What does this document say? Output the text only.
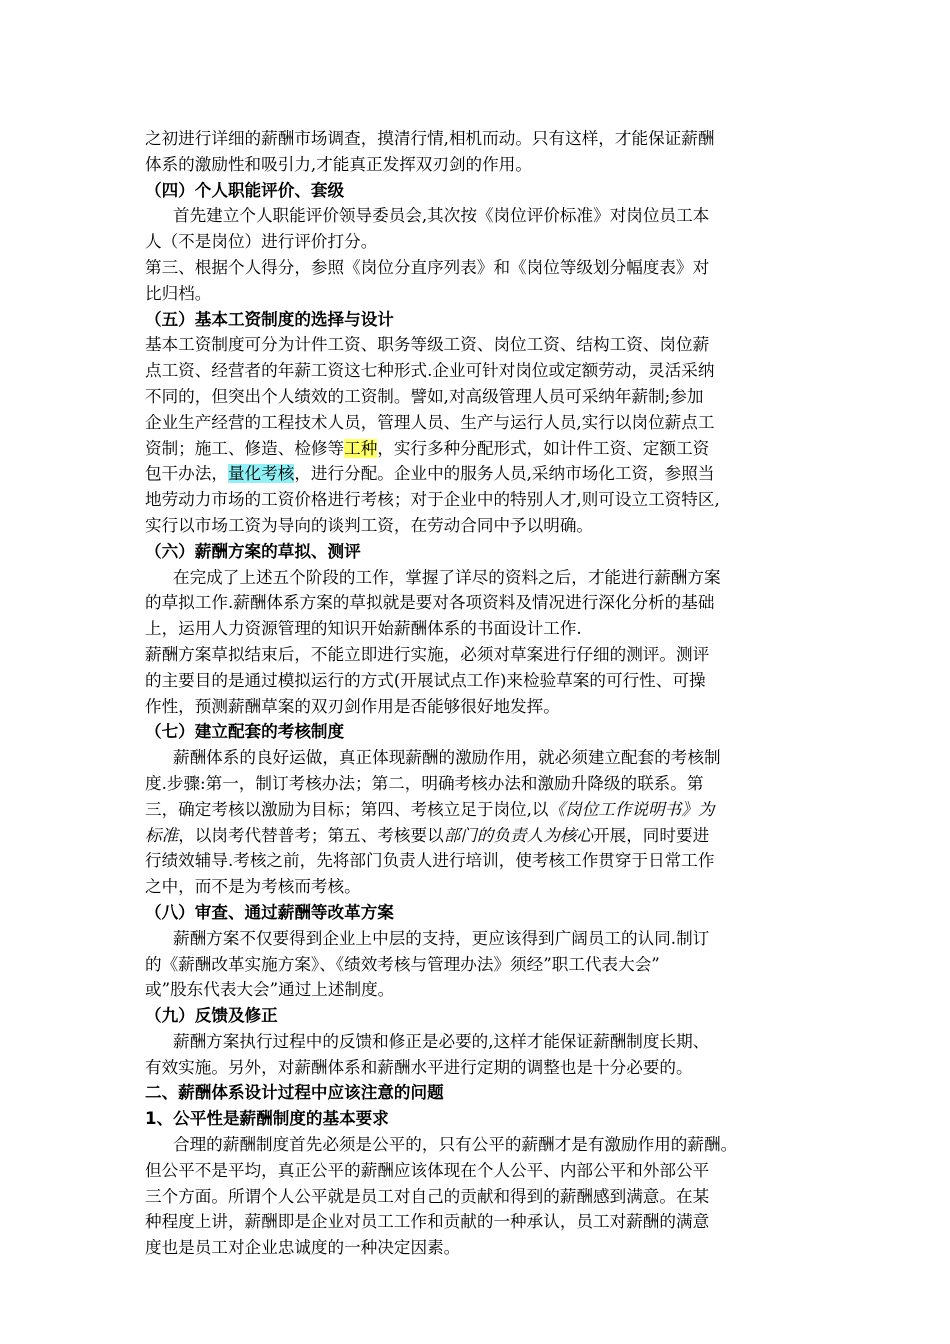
之初进行详细的薪酬市场调查，摸清行情,相机而动。只有这样，才能保证薪酬
体系的激励性和吸引力,才能真正发挥双刃剑的作用。
（四）个人职能评价、套级
首先建立个人职能评价领导委员会,其次按《岗位评价标准》对岗位员工本
人（不是岗位）进行评价打分。
第三、根据个人得分，参照《岗位分直序列表》和《岗位等级划分幅度表》对
比归档。
（五）基本工资制度的选择与设计
基本工资制度可分为计件工资、职务等级工资、岗位工资、结构工资、岗位薪
点工资、经营者的年薪工资这七种形式.企业可针对岗位或定额劳动，灵活采纳
不同的，但突出个人绩效的工资制。譬如,对高级管理人员可采纳年薪制;参加
企业生产经营的工程技术人员，管理人员、生产与运行人员,实行以岗位薪点工
资制；施工、修造、检修等工种，实行多种分配形式，如计件工资、定额工资
包干办法，量化考核，进行分配。企业中的服务人员,采纳市场化工资，参照当
地劳动力市场的工资价格进行考核；对于企业中的特别人才,则可设立工资特区,
实行以市场工资为导向的谈判工资，在劳动合同中予以明确。
（六）薪酬方案的草拟、测评
在完成了上述五个阶段的工作，掌握了详尽的资料之后，才能进行薪酬方案
的草拟工作.薪酬体系方案的草拟就是要对各项资料及情况进行深化分析的基础
上，运用人力资源管理的知识开始薪酬体系的书面设计工作.
薪酬方案草拟结束后，不能立即进行实施，必须对草案进行仔细的测评。测评
的主要目的是通过模拟运行的方式(开展试点工作)来检验草案的可行性、可操
作性，预测薪酬草案的双刃剑作用是否能够很好地发挥。
（七）建立配套的考核制度
薪酬体系的良好运做，真正体现薪酬的激励作用，就必须建立配套的考核制
度.步骤:第一，制订考核办法；第二，明确考核办法和激励升降级的联系。第
三，确定考核以激励为目标；第四、考核立足于岗位,以《岗位工作说明书》为
标准，以岗考代替普考；第五、考核要以部门的负责人为核心开展，同时要进
行绩效辅导.考核之前，先将部门负责人进行培训，使考核工作贯穿于日常工作
之中，而不是为考核而考核。
（八）审查、通过薪酬等改革方案
薪酬方案不仅要得到企业上中层的支持，更应该得到广阔员工的认同.制订
的《薪酬改革实施方案》、《绩效考核与管理办法》须经”职工代表大会”
或”股东代表大会”通过上述制度。
（九）反馈及修正
薪酬方案执行过程中的反馈和修正是必要的,这样才能保证薪酬制度长期、
有效实施。另外，对薪酬体系和薪酬水平进行定期的调整也是十分必要的。
二、薪酬体系设计过程中应该注意的问题
1、公平性是薪酬制度的基本要求
合理的薪酬制度首先必须是公平的，只有公平的薪酬才是有激励作用的薪酬。
但公平不是平均，真正公平的薪酬应该体现在个人公平、内部公平和外部公平
三个方面。所谓个人公平就是员工对自己的贡献和得到的薪酬感到满意。在某
种程度上讲，薪酬即是企业对员工工作和贡献的一种承认，员工对薪酬的满意
度也是员工对企业忠诚度的一种决定因素。
